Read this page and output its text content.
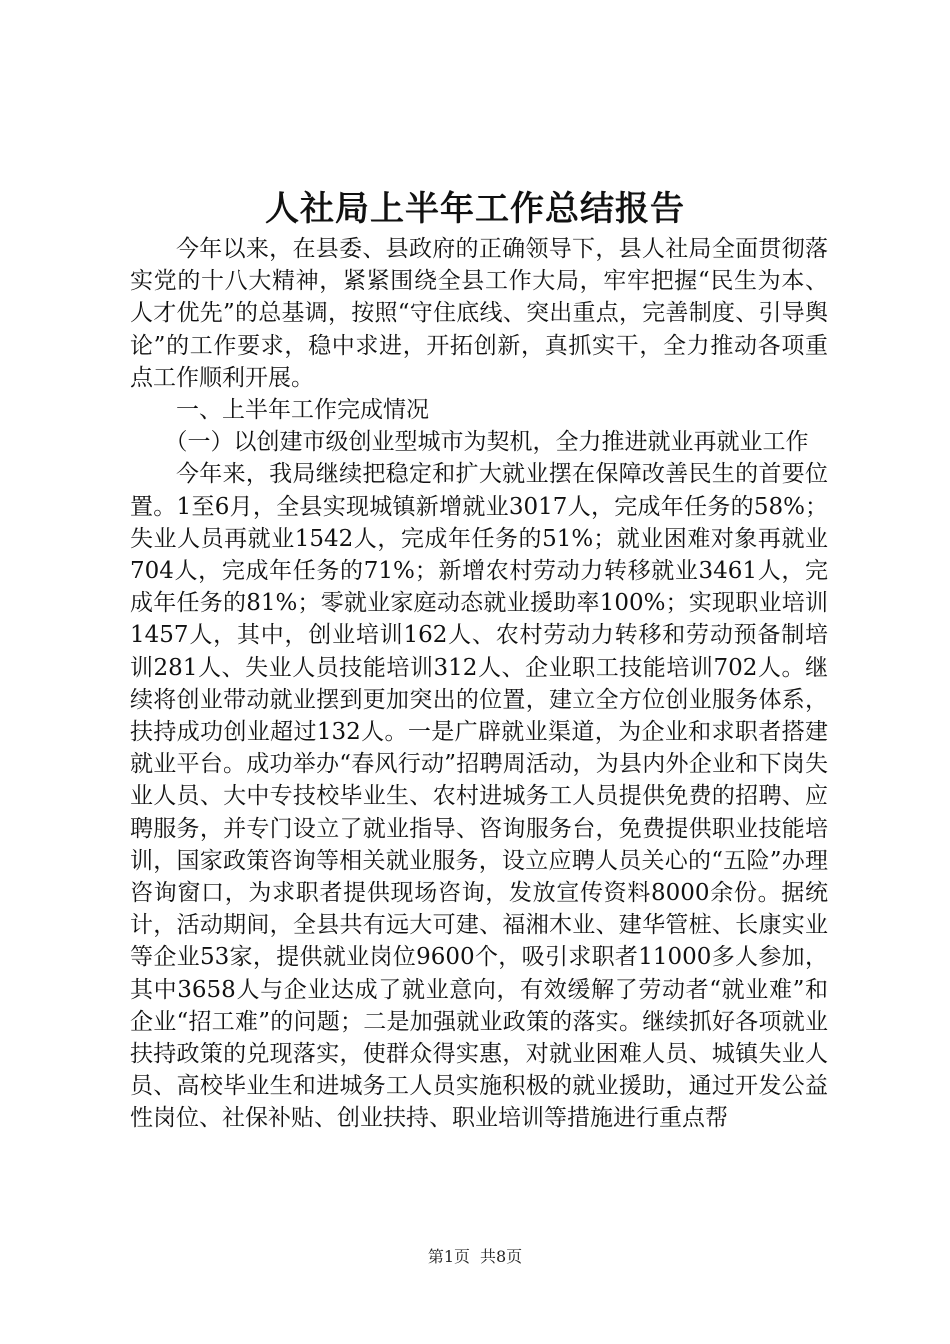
人社局上半年工作总结报告

今年以来，在县委、县政府的正确领导下，县人社局全面贯彻落实党的十八大精神，紧紧围绕全县工作大局，牢牢把握“民生为本、人才优先”的总基调，按照“守住底线、突出重点，完善制度、引导舆论”的工作要求，稳中求进，开拓创新，真抓实干，全力推动各项重点工作顺利开展。

一、上半年工作完成情况

（一）以创建市级创业型城市为契机，全力推进就业再就业工作

今年来，我局继续把稳定和扩大就业摆在保障改善民生的首要位置。1至6月，全县实现城镇新增就业3017人，完成年任务的58%；失业人员再就业1542人，完成年任务的51%；就业困难对象再就业704人，完成年任务的71%；新增农村劳动力转移就业3461人，完成年任务的81%；零就业家庭动态就业援助率100%；实现职业培训1457人，其中，创业培训162人、农村劳动力转移和劳动预备制培训281人、失业人员技能培训312人、企业职工技能培训702人。继续将创业带动就业摆到更加突出的位置，建立全方位创业服务体系，扶持成功创业超过132人。一是广辟就业渠道，为企业和求职者搭建就业平台。成功举办“春风行动”招聘周活动，为县内外企业和下岗失业人员、大中专技校毕业生、农村进城务工人员提供免费的招聘、应聘服务，并专门设立了就业指导、咨询服务台，免费提供职业技能培训，国家政策咨询等相关就业服务，设立应聘人员关心的“五险”办理咨询窗口，为求职者提供现场咨询，发放宣传资料8000余份。据统计，活动期间，全县共有远大可建、福湘木业、建华管桩、长康实业等企业53家，提供就业岗位9600个，吸引求职者11000多人参加，其中3658人与企业达成了就业意向，有效缓解了劳动者“就业难”和企业“招工难”的问题；二是加强就业政策的落实。继续抓好各项就业扶持政策的兑现落实，使群众得实惠，对就业困难人员、城镇失业人员、高校毕业生和进城务工人员实施积极的就业援助，通过开发公益性岗位、社保补贴、创业扶持、职业培训等措施进行重点帮

第1页 共8页
